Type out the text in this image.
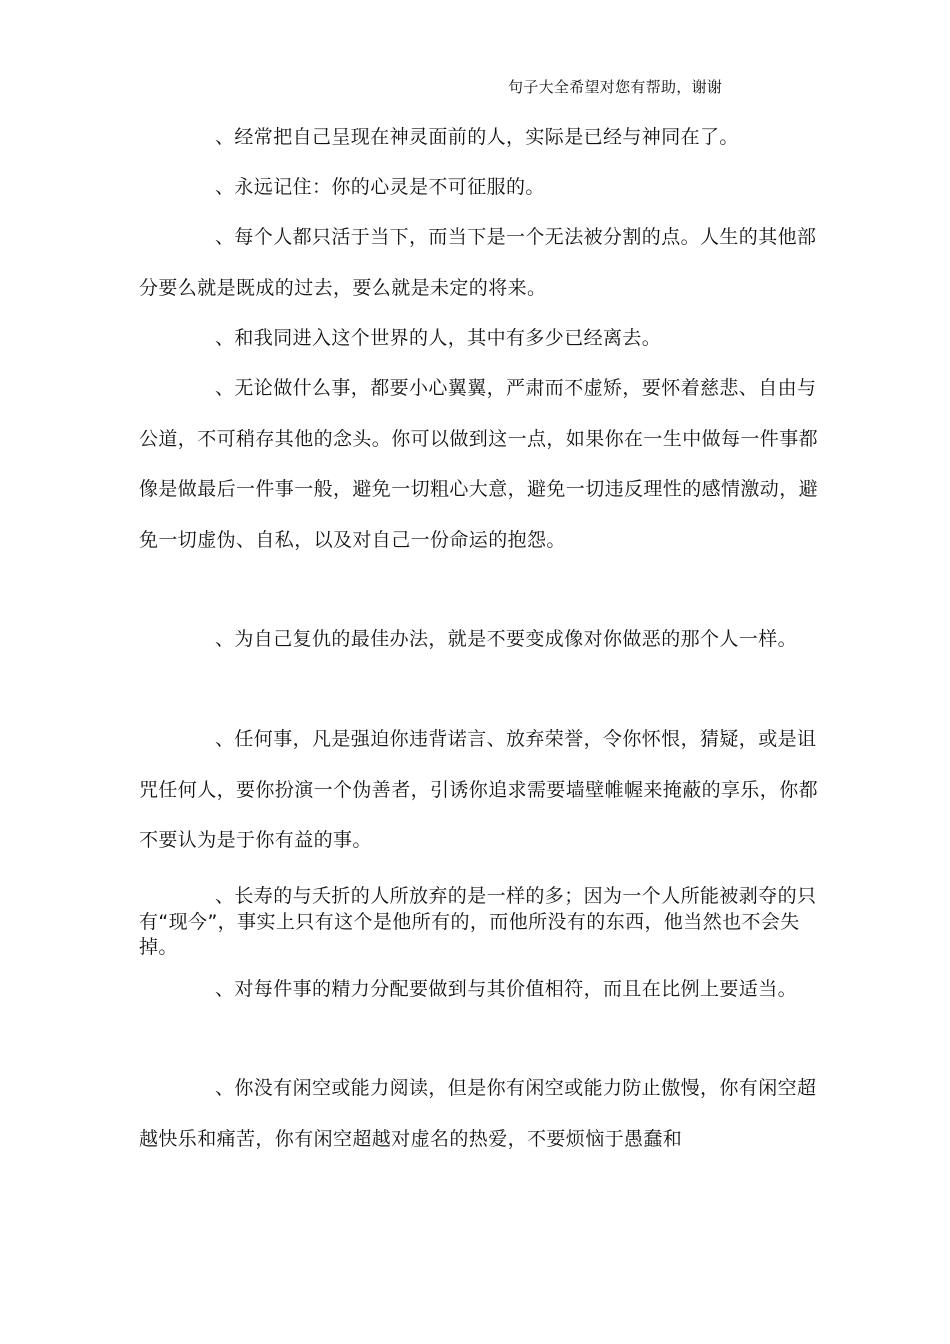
句子大全希望对您有帮助，谢谢

、经常把自己呈现在神灵面前的人，实际是已经与神同在了。

、永远记住：你的心灵是不可征服的。

、每个人都只活于当下，而当下是一个无法被分割的点。人生的其他部分要么就是既成的过去，要么就是未定的将来。

、和我同进入这个世界的人，其中有多少已经离去。

、无论做什么事，都要小心翼翼，严肃而不虚矫，要怀着慈悲、自由与公道，不可稍存其他的念头。你可以做到这一点，如果你在一生中做每一件事都像是做最后一件事一般，避免一切粗心大意，避免一切违反理性的感情激动，避免一切虚伪、自私，以及对自己一份命运的抱怨。

、为自己复仇的最佳办法，就是不要变成像对你做恶的那个人一样。

、任何事，凡是强迫你违背诺言、放弃荣誉，令你怀恨，猜疑，或是诅咒任何人，要你扮演一个伪善者，引诱你追求需要墙壁帷幄来掩蔽的享乐，你都不要认为是于你有益的事。

、长寿的与夭折的人所放弃的是一样的多；因为一个人所能被剥夺的只有“现今”，事实上只有这个是他所有的，而他所没有的东西，他当然也不会失掉。

、对每件事的精力分配要做到与其价值相符，而且在比例上要适当。

、你没有闲空或能力阅读，但是你有闲空或能力防止傲慢，你有闲空超越快乐和痛苦，你有闲空超越对虚名的热爱，不要烦恼于愚蠢和
